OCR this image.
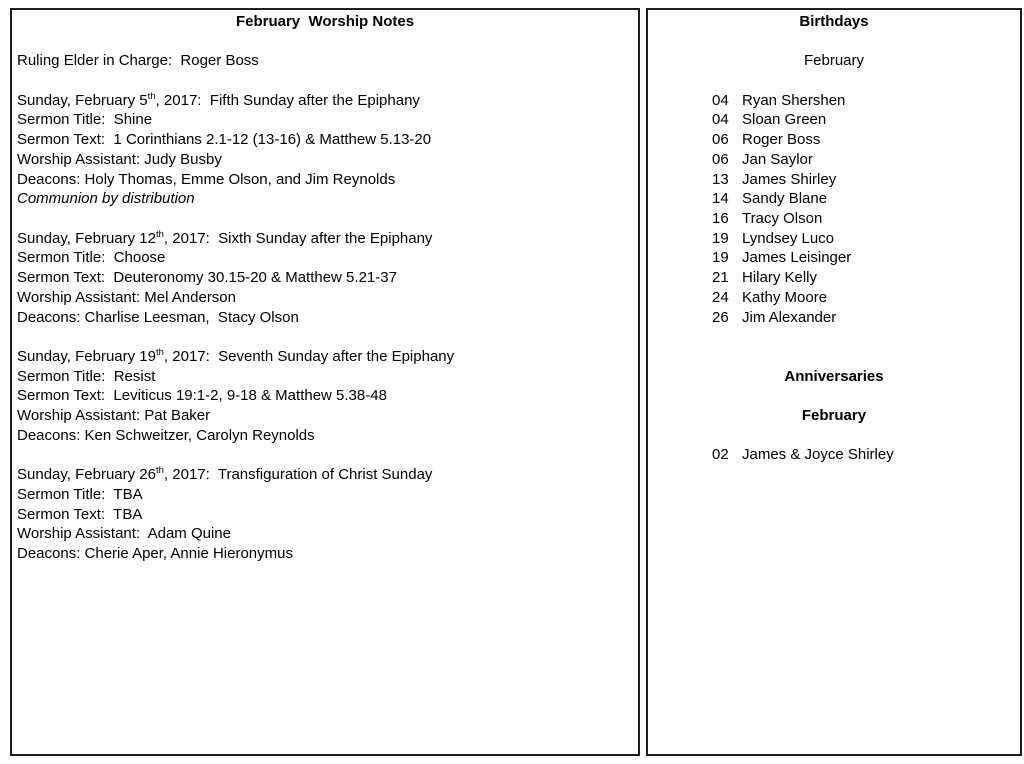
February  Worship Notes
Ruling Elder in Charge:  Roger Boss
Sunday, February 5th, 2017:  Fifth Sunday after the Epiphany
Sermon Title:  Shine
Sermon Text:  1 Corinthians 2.1-12 (13-16) & Matthew 5.13-20
Worship Assistant: Judy Busby
Deacons: Holy Thomas, Emme Olson, and Jim Reynolds
Communion by distribution
Sunday, February 12th, 2017:  Sixth Sunday after the Epiphany
Sermon Title:  Choose
Sermon Text:  Deuteronomy 30.15-20 & Matthew 5.21-37
Worship Assistant: Mel Anderson
Deacons: Charlise Leesman,  Stacy Olson
Sunday, February 19th, 2017:  Seventh Sunday after the Epiphany
Sermon Title:  Resist
Sermon Text:  Leviticus 19:1-2, 9-18 & Matthew 5.38-48
Worship Assistant: Pat Baker
Deacons: Ken Schweitzer, Carolyn Reynolds
Sunday, February 26th, 2017:  Transfiguration of Christ Sunday
Sermon Title:  TBA
Sermon Text:  TBA
Worship Assistant:  Adam Quine
Deacons: Cherie Aper, Annie Hieronymus
Birthdays
February
04 Ryan Shershen
04 Sloan Green
06 Roger Boss
06 Jan Saylor
13 James Shirley
14 Sandy Blane
16 Tracy Olson
19 Lyndsey Luco
19 James Leisinger
21 Hilary Kelly
24 Kathy Moore
26 Jim Alexander
Anniversaries
February
02 James & Joyce Shirley
